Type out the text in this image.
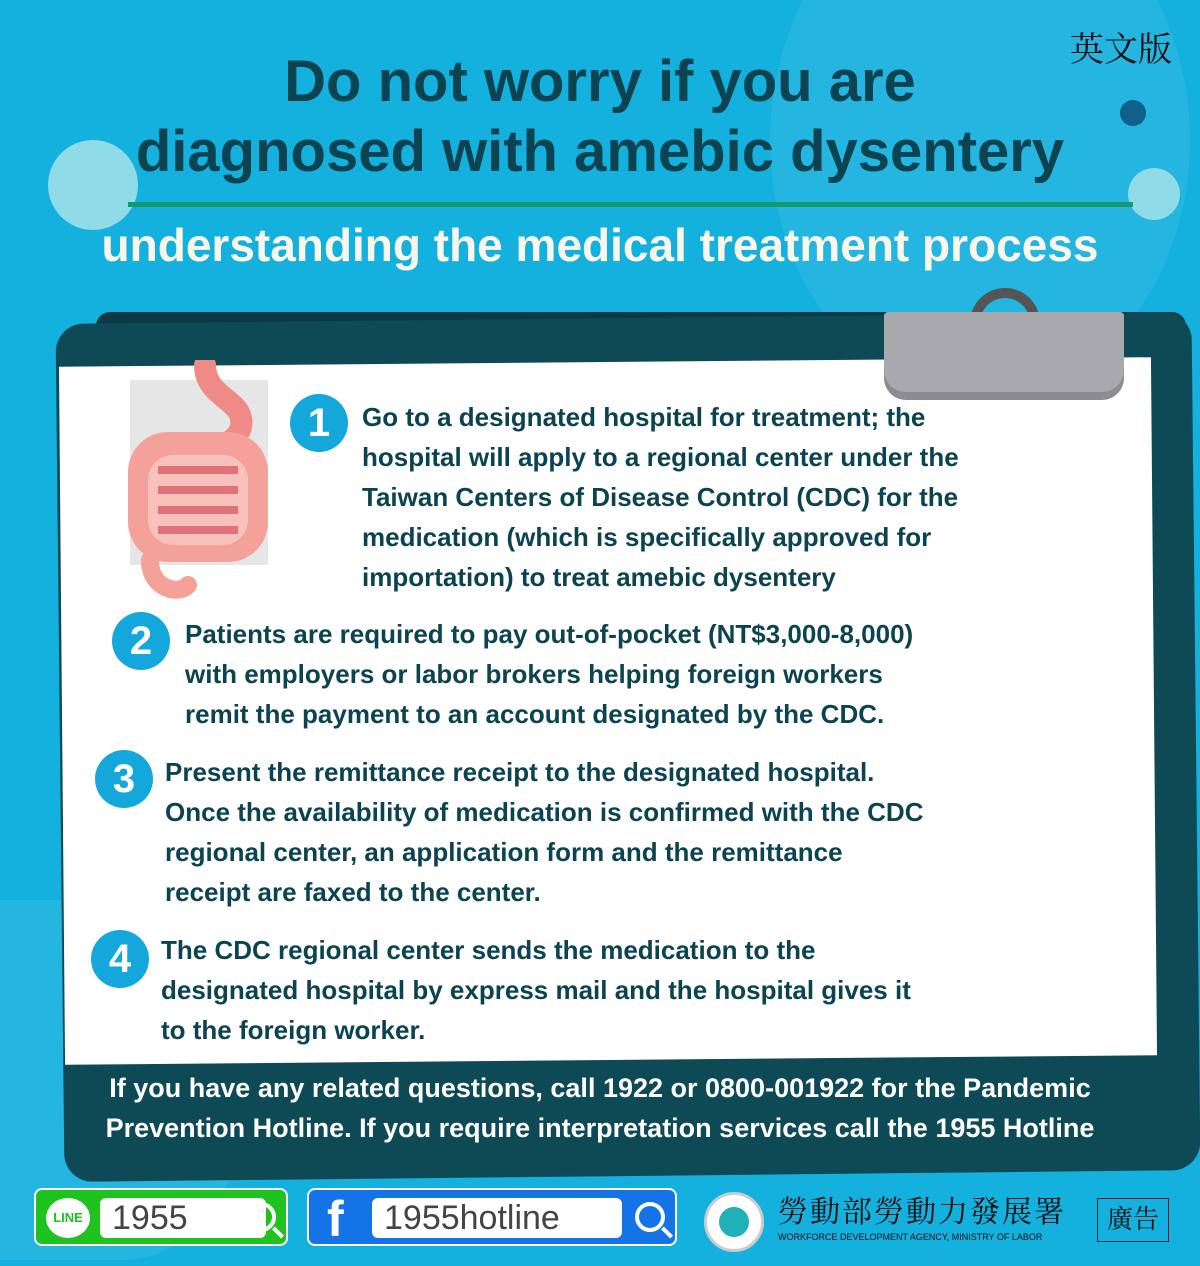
英文版
Do not worry if you are
diagnosed with amebic dysentery
understanding the medical treatment process
1	Go to a designated hospital for treatment; the
hospital will apply to a regional center under the
Taiwan Centers of Disease Control (CDC) for the
medication (which is specifically approved for
importation) to treat amebic dysentery
2	Patients are required to pay out-of-pocket (NT$3,000-8,000)
with employers or labor brokers helping foreign workers
remit the payment to an account designated by the CDC.
3	Present the remittance receipt to the designated hospital.
Once the availability of medication is confirmed with the CDC
regional center, an application form and the remittance
receipt are faxed to the center.
4	The CDC regional center sends the medication to the
designated hospital by express mail and the hospital gives it
to the foreign worker.
If you have any related questions, call 1922 or 0800-001922 for the Pandemic
Prevention Hotline. If you require interpretation services call the 1955 Hotline
LINE 1955	f	1955hotline	勞動部勞動力發展署
WORKFORCE DEVELOPMENT AGENCY, MINISTRY OF LABOR
廣告
